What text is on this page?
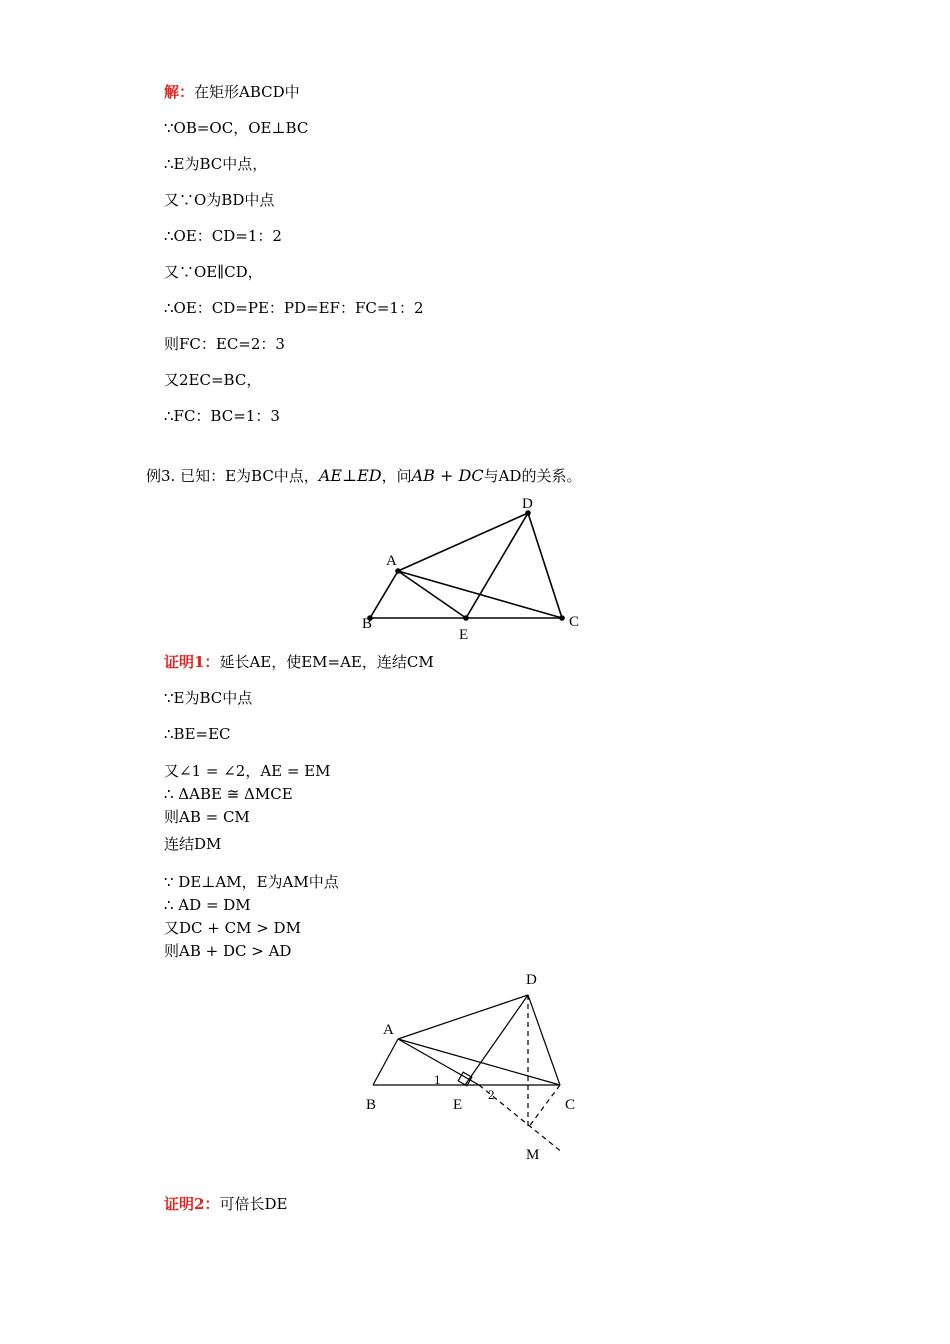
解：在矩形ABCD中
∵OB=OC，OE⊥BC
∴E为BC中点，
又∵O为BD中点
∴OE：CD=1：2
又∵OE∥CD，
∴OE：CD=PE：PD=EF：FC=1：2
则FC：EC=2：3
又2EC=BC，
∴FC：BC=1：3
例3. 已知：E为BC中点，AE⊥ED，问AB + DC与AD的关系。
A
B	C
D
E
证明1：延长AE，使EM=AE，连结CM
∵E为BC中点
∴BE=EC
又∠1 = ∠2，AE = EM
∴ ΔABE ≅ ΔMCE
则AB = CM
连结DM
∵ DE⊥AM，E为AM中点
∴ AD = DM
又DC + CM > DM
则AB + DC > AD
A
B	C
D
E
M
1
2
证明2：可倍长DE
